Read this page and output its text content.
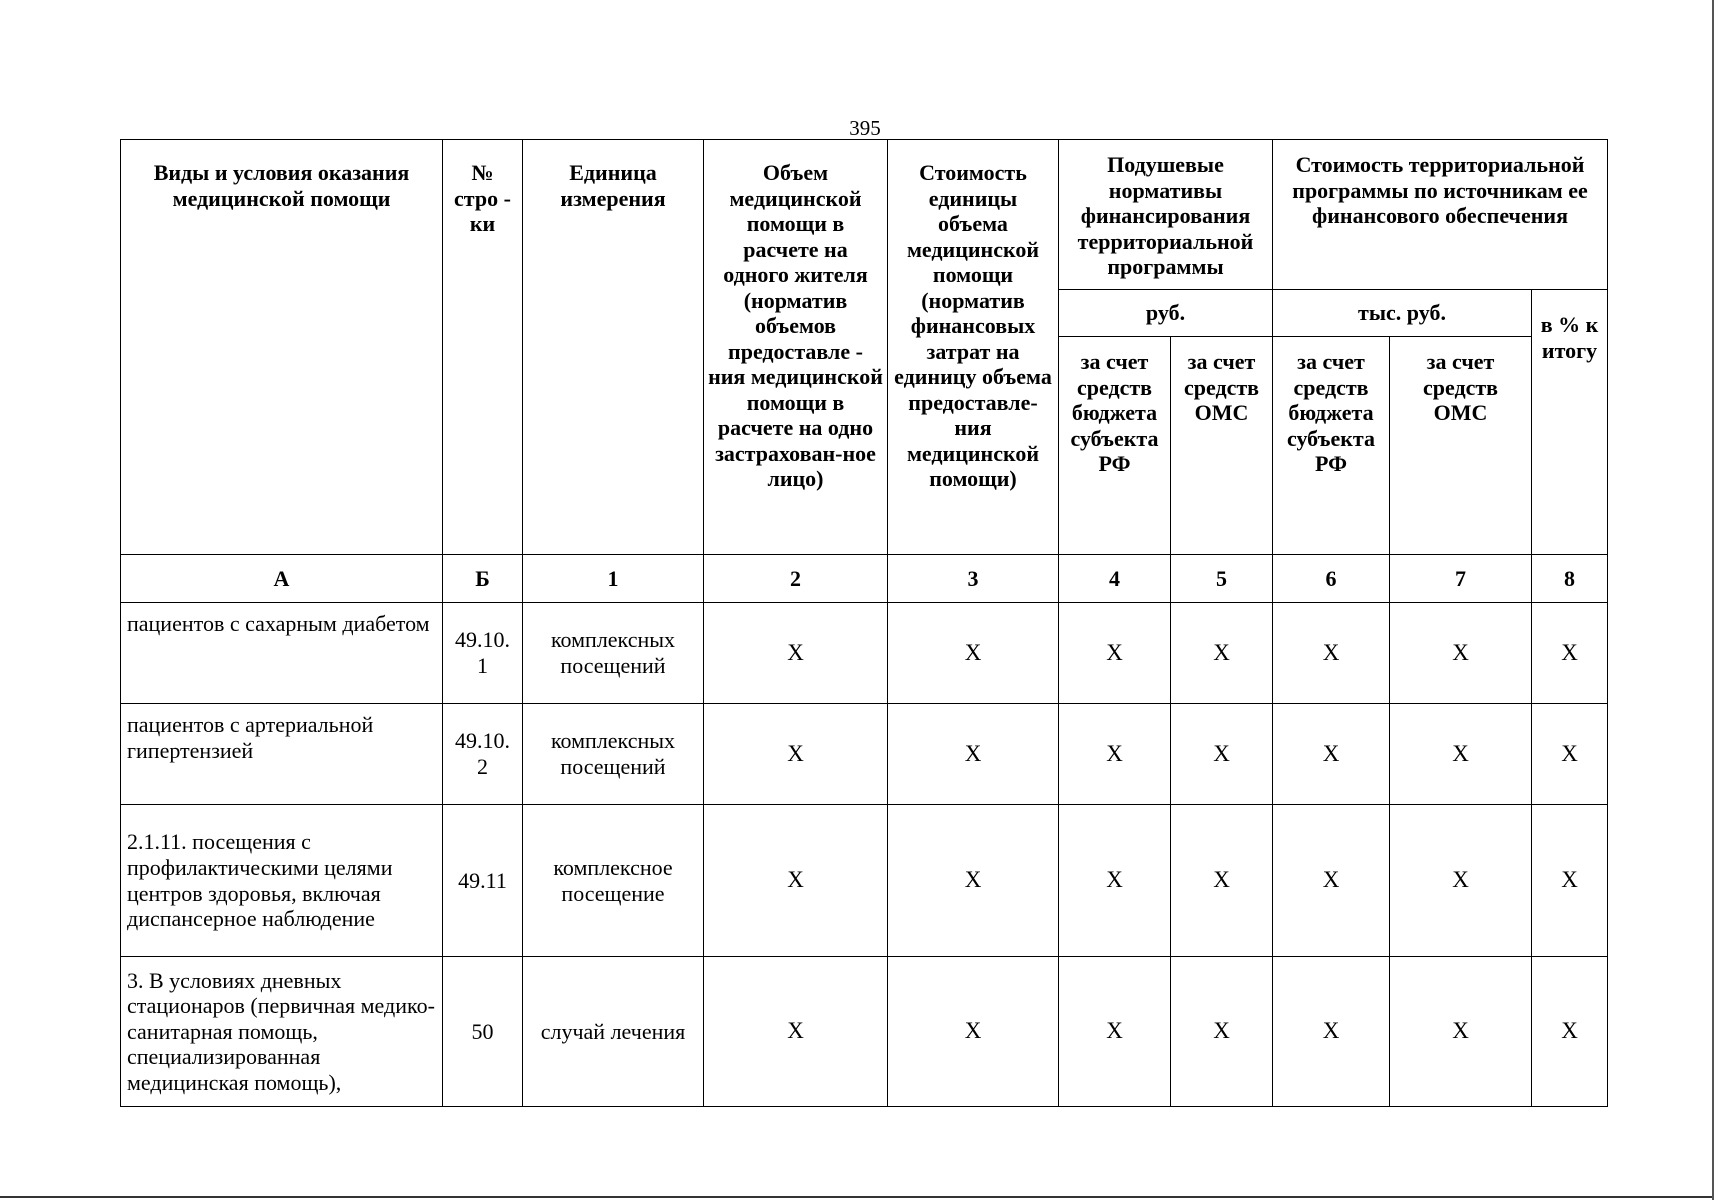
395
Виды и условия оказания медицинской помощи	№ стро - ки	Единица измерения	Объем медицинской помощи в расчете на одного жителя (норматив объемов предоставле - ния медицинской помощи в расчете на одно застрахован-ное лицо)	Стоимость единицы объема медицинской помощи (норматив финансовых затрат на единицу объема предоставле-ния медицинской помощи)	Подушевые нормативы финансирования территориальной программы		Стоимость территориальной программы по источникам ее финансового обеспечения		
					руб.		тыс. руб.		в % к итогу
					за счет средств бюджета субъекта РФ	за счет средств ОМС	за счет средств бюджета субъекта РФ	за счет средств ОМС	
А	Б	1	2	3	4	5	6	7	8
пациентов с сахарным диабетом	49.10. 1	комплексных посещений	X	X	X	X	X	X	X
пациентов с артериальной гипертензией	49.10. 2	комплексных посещений	X	X	X	X	X	X	X
2.1.11. посещения с профилактическими целями центров здоровья, включая диспансерное наблюдение	49.11	комплексное посещение	X	X	X	X	X	X	X
3. В условиях дневных стационаров (первичная медико-санитарная помощь, специализированная медицинская помощь),	50	случай лечения	X	X	X	X	X	X	X
